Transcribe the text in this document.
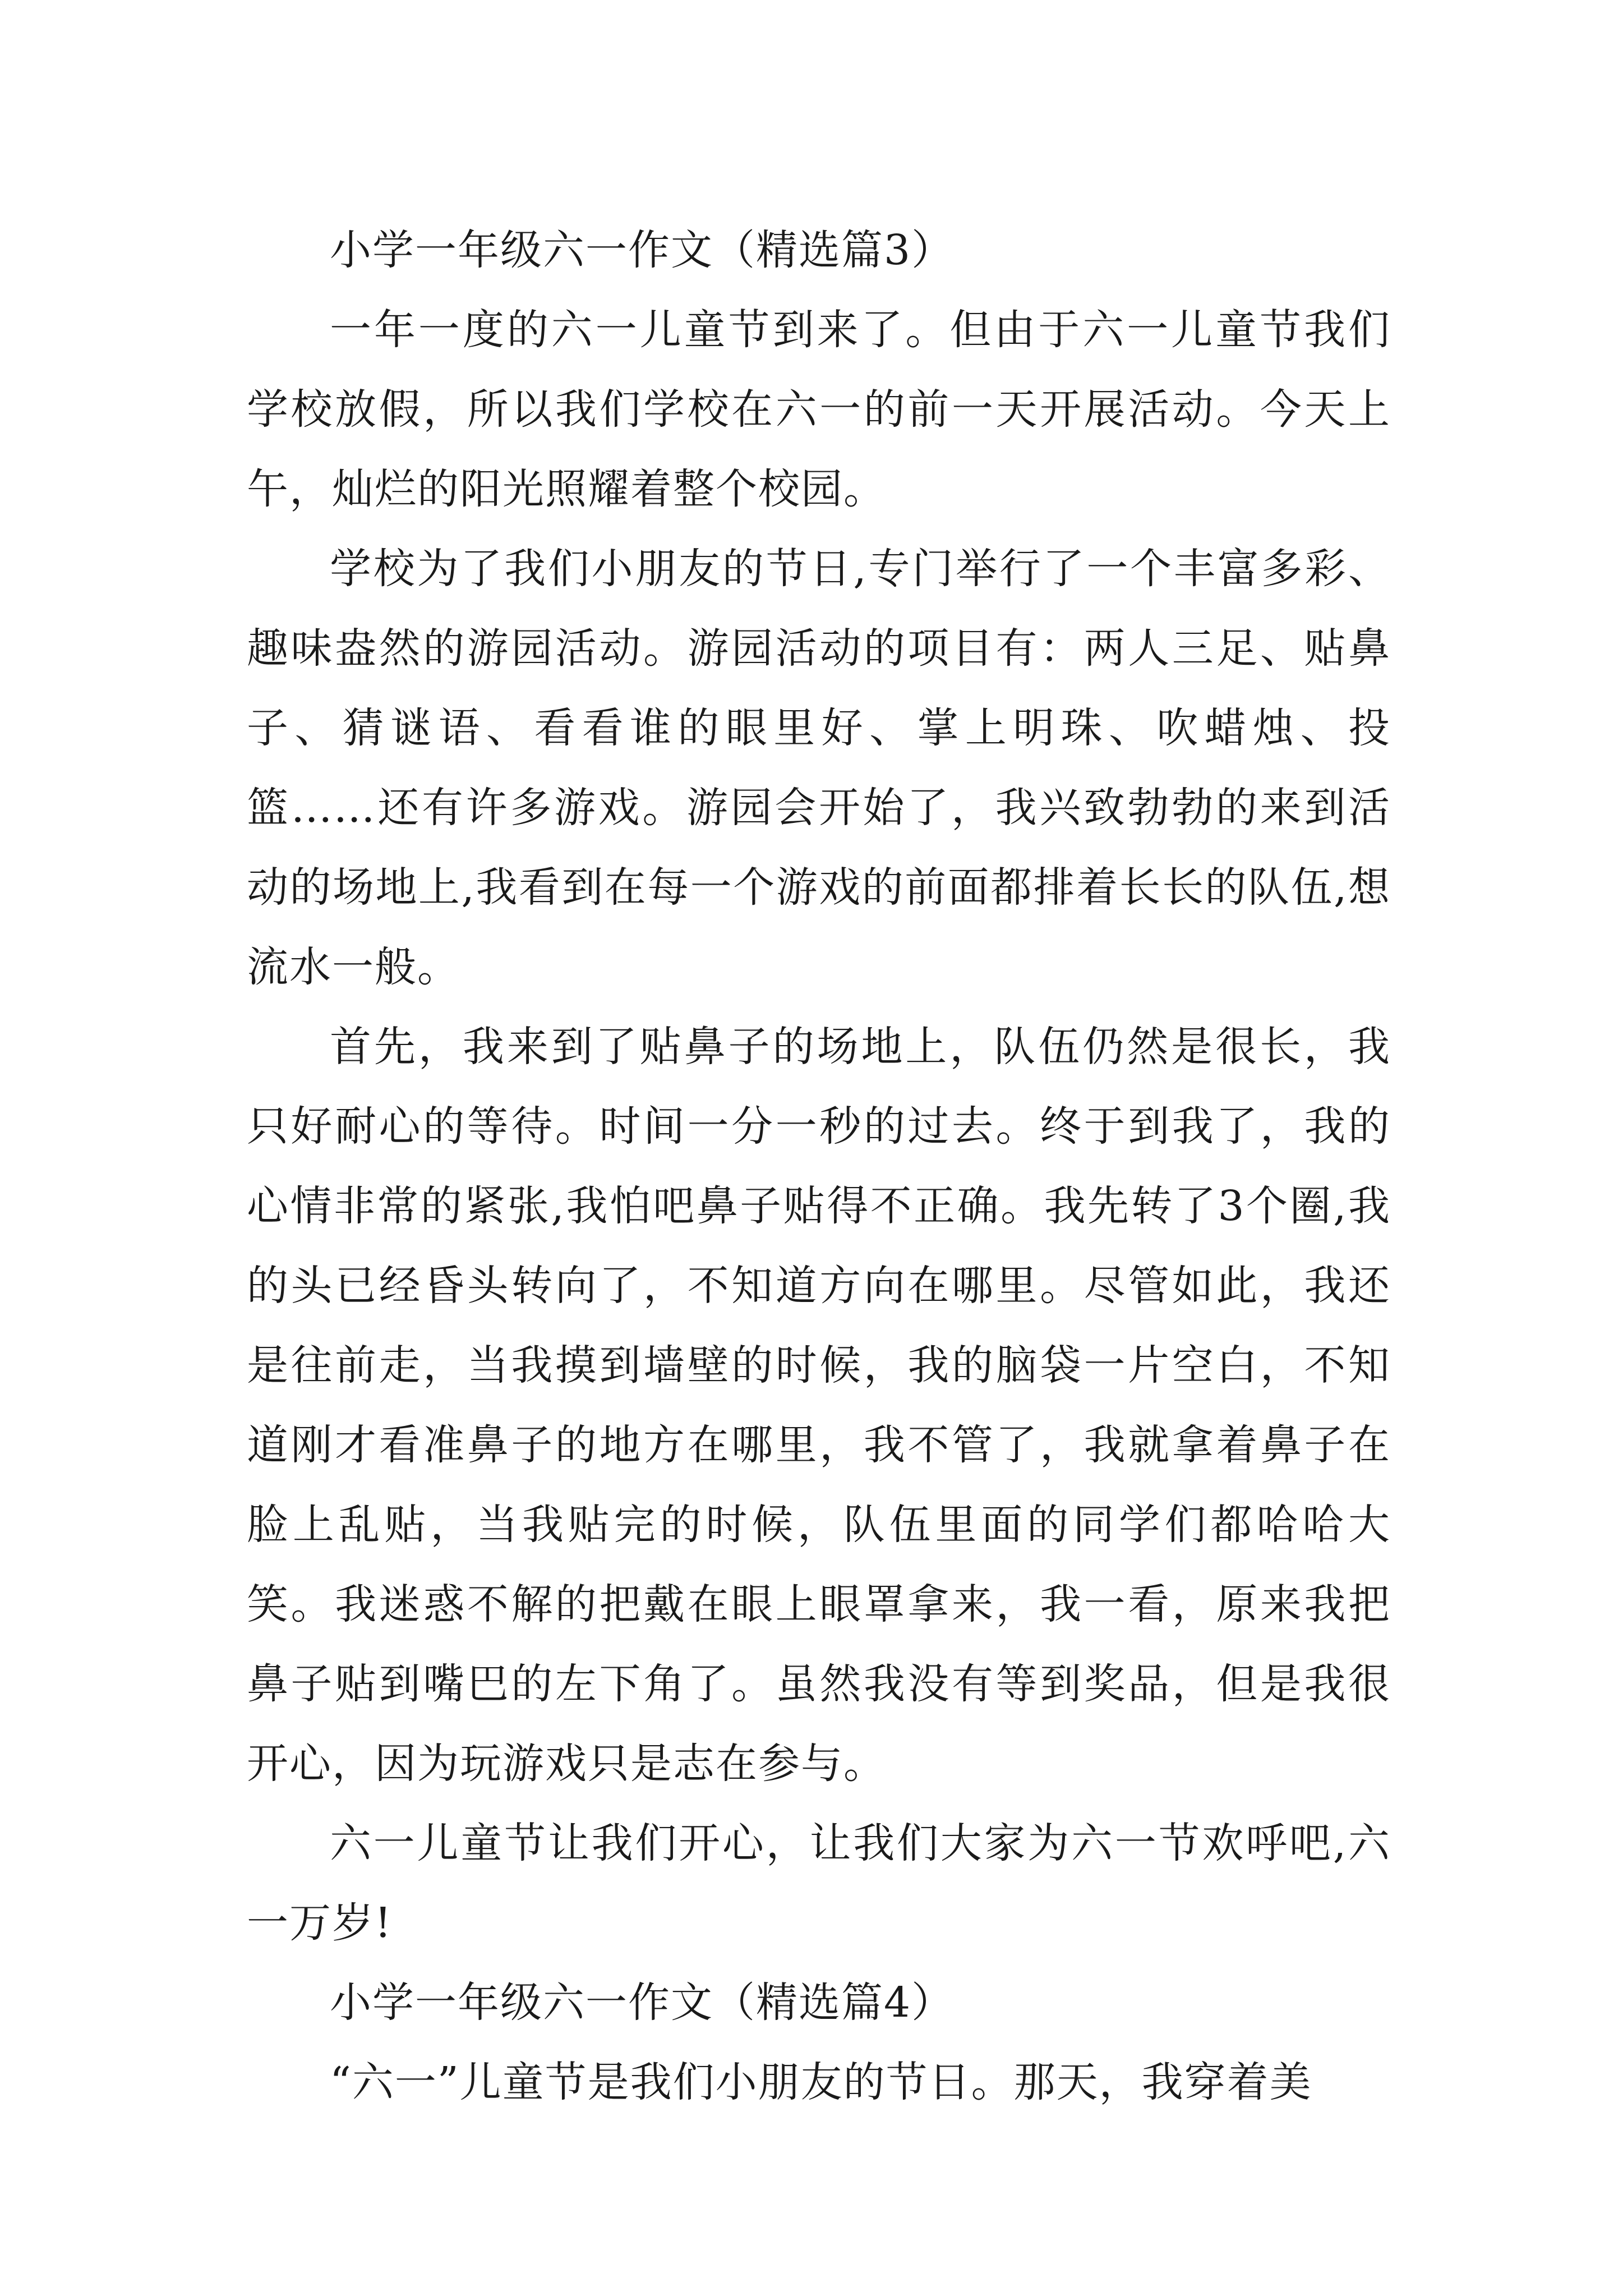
小学一年级六一作文（精选篇3）

一年一度的六一儿童节到来了。但由于六一儿童节我们学校放假，所以我们学校在六一的前一天开展活动。今天上午，灿烂的阳光照耀着整个校园。

学校为了我们小朋友的节日,专门举行了一个丰富多彩、趣味盎然的游园活动。游园活动的项目有：两人三足、贴鼻子、猜谜语、看看谁的眼里好、掌上明珠、吹蜡烛、投篮……还有许多游戏。游园会开始了，我兴致勃勃的来到活动的场地上,我看到在每一个游戏的前面都排着长长的队伍,想流水一般。

首先，我来到了贴鼻子的场地上，队伍仍然是很长，我只好耐心的等待。时间一分一秒的过去。终于到我了，我的心情非常的紧张,我怕吧鼻子贴得不正确。我先转了3个圈,我的头已经昏头转向了，不知道方向在哪里。尽管如此，我还是往前走，当我摸到墙壁的时候，我的脑袋一片空白，不知道刚才看准鼻子的地方在哪里，我不管了，我就拿着鼻子在脸上乱贴，当我贴完的时候，队伍里面的同学们都哈哈大笑。我迷惑不解的把戴在眼上眼罩拿来，我一看，原来我把鼻子贴到嘴巴的左下角了。虽然我没有等到奖品，但是我很开心，因为玩游戏只是志在参与。

六一儿童节让我们开心，让我们大家为六一节欢呼吧,六一万岁!

小学一年级六一作文（精选篇4）

“六一”儿童节是我们小朋友的节日。那天，我穿着美
